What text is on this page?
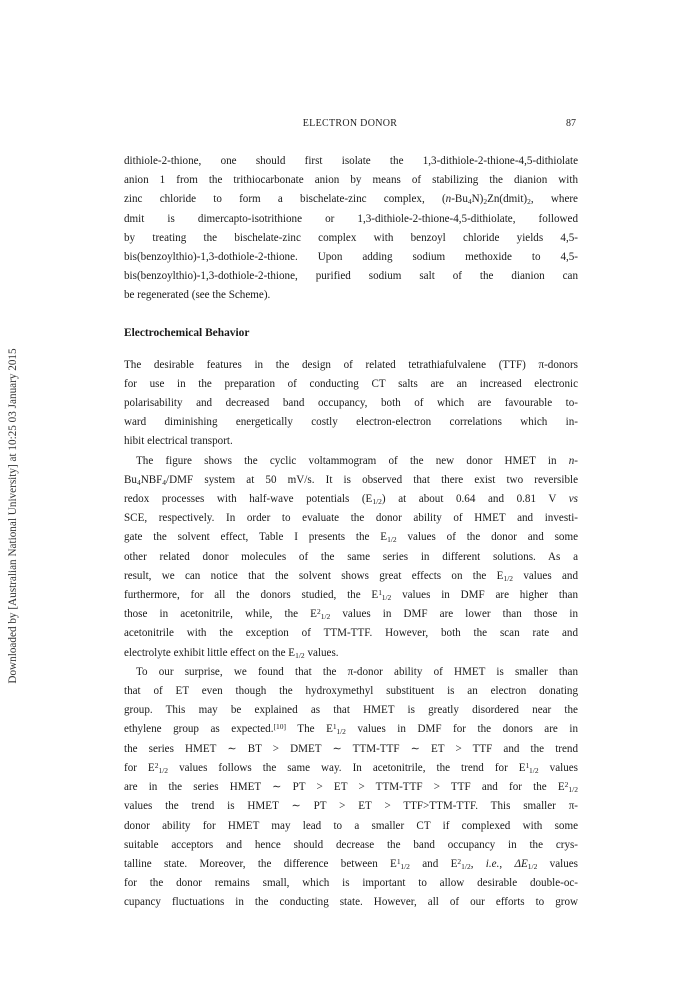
ELECTRON DONOR	87
Downloaded by [Australian National University] at 10:25 03 January 2015

dithiole-2-thione, one should first isolate the 1,3-dithiole-2-thione-4,5-dithiolate

anion 1 from the trithiocarbonate anion by means of stabilizing the dianion with

zinc chloride to form a bischelate-zinc complex, $(n-Bu_4N)_2Zn(dmit)_2$, where

dmit is dimercapto-isotrithione or 1,3-dithiole-2-thione-4,5-dithiolate, followed

by treating the bischelate-zinc complex with benzoyl chloride yields 4,5-

bis(benzoylthio)-1,3-dothiole-2-thione. Upon adding sodium methoxide to 4,5-

bis(benzoylthio)-1,3-dothiole-2-thione, purified sodium salt of the dianion can

be regenerated (see the Scheme).

Electrochemical Behavior

The desirable features in the design of related tetrathiafulvalene (TTF) π-donors

for use in the preparation of conducting CT salts are an increased electronic

polarisability and decreased band occupancy, both of which are favourable to-

ward diminishing energetically costly electron-electron correlations which in-

hibit electrical transport.

The figure shows the cyclic voltammogram of the new donor HMET in n-

$Bu_4NBF_4$/DMF system at 50 mV/s. It is observed that there exist two reversible

redox processes with half-wave potentials $(E_{1/2})$ at about 0.64 and 0.81 V vs

SCE, respectively. In order to evaluate the donor ability of HMET and investi-

gate the solvent effect, Table I presents the $E_{1/2}$ values of the donor and some

other related donor molecules of the same series in different solutions. As a

result, we can notice that the solvent shows great effects on the $E_{1/2}$ values and

furthermore, for all the donors studied, the $E^1_{1/2}$ values in DMF are higher than

those in acetonitrile, while, the $E^2_{1/2}$ values in DMF are lower than those in

acetonitrile with the exception of TTM-TTF. However, both the scan rate and

electrolyte exhibit little effect on the $E_{1/2}$ values.

To our surprise, we found that the π-donor ability of HMET is smaller than

that of ET even though the hydroxymethyl substituent is an electron donating

group. This may be explained as that HMET is greatly disordered near the

ethylene group as expected.[10] The $E^1_{1/2}$ values in DMF for the donors are in

the series HMET ∼ BT > DMET ∼ TTM-TTF ∼ ET > TTF and the trend

for $E^2_{1/2}$ values follows the same way. In acetonitrile, the trend for $E^1_{1/2}$ values

are in the series HMET ∼ PT > ET > TTM-TTF > TTF and for the $E^2_{1/2}$

values the trend is HMET ∼ PT > ET > TTF>TTM-TTF. This smaller π-

donor ability for HMET may lead to a smaller CT if complexed with some

suitable acceptors and hence should decrease the band occupancy in the crys-

talline state. Moreover, the difference between $E^1_{1/2}$ and $E^2_{1/2}$, i.e., $\Delta E_{1/2}$ values

for the donor remains small, which is important to allow desirable double-oc-

cupancy fluctuations in the conducting state. However, all of our efforts to grow
